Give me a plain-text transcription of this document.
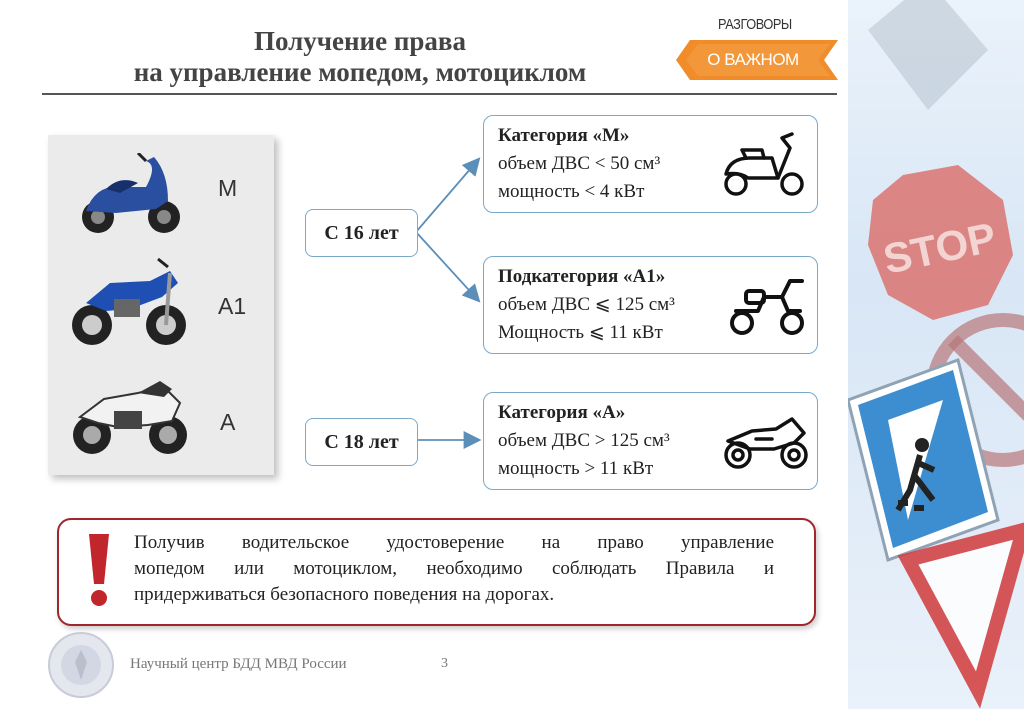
Получение права
на управление мопедом, мотоциклом
РАЗГОВОРЫ
О ВАЖНОМ
STOP
M
A1
A
С 16 лет
С 18 лет
Категория «М»
объем ДВС < 50 см³
мощность < 4 кВт
Подкатегория «А1»
объем ДВС ⩽ 125 см³
Мощность ⩽ 11 кВт
Категория «А»
объем ДВС > 125 см³
мощность > 11 кВт
Получив водительское удостоверение на право управление
мопедом или мотоциклом, необходимо соблюдать Правила и
придерживаться безопасного поведения на дорогах.
Научный центр БДД МВД России	3
